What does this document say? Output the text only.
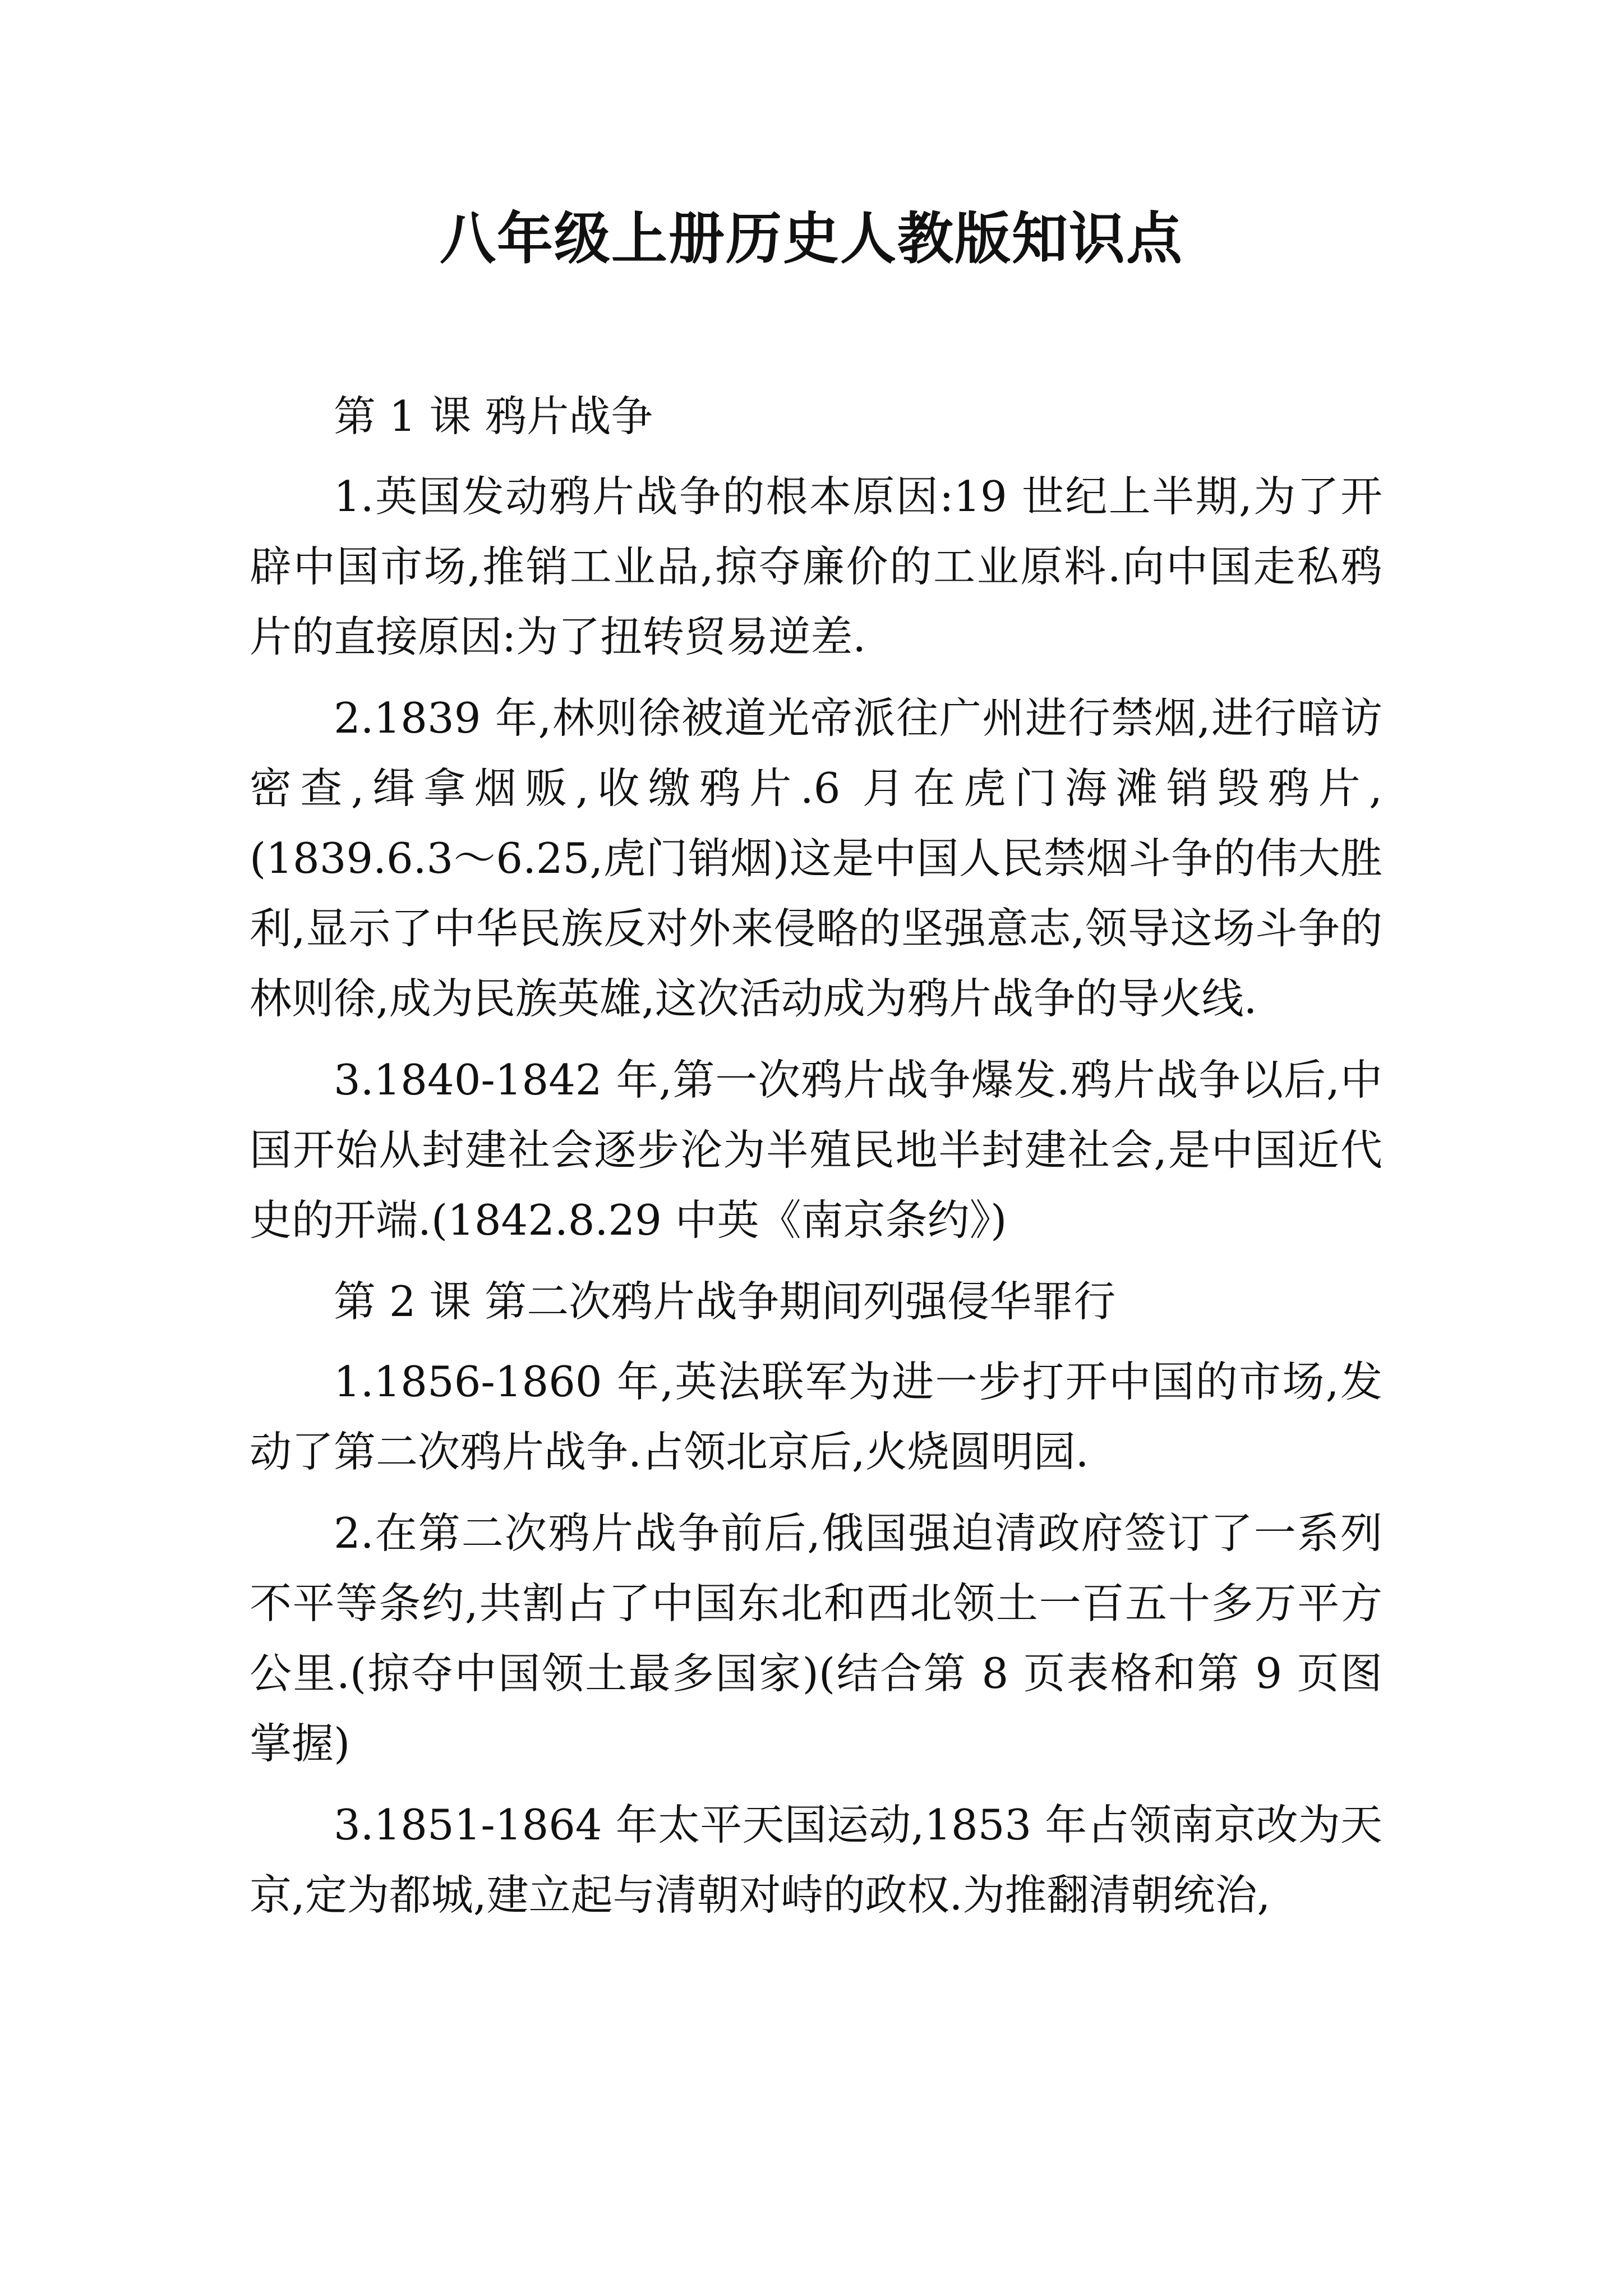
八年级上册历史人教版知识点

第 1 课 鸦片战争

1.英国发动鸦片战争的根本原因:19 世纪上半期,为了开辟中国市场,推销工业品,掠夺廉价的工业原料.向中国走私鸦片的直接原因:为了扭转贸易逆差.

2.1839 年,林则徐被道光帝派往广州进行禁烟,进行暗访密查,缉拿烟贩,收缴鸦片.6 月在虎门海滩销毁鸦片,(1839.6.3～6.25,虎门销烟)这是中国人民禁烟斗争的伟大胜利,显示了中华民族反对外来侵略的坚强意志,领导这场斗争的林则徐,成为民族英雄,这次活动成为鸦片战争的导火线.

3.1840-1842 年,第一次鸦片战争爆发.鸦片战争以后,中国开始从封建社会逐步沦为半殖民地半封建社会,是中国近代史的开端.(1842.8.29 中英《南京条约》)

第 2 课 第二次鸦片战争期间列强侵华罪行

1.1856-1860 年,英法联军为进一步打开中国的市场,发动了第二次鸦片战争.占领北京后,火烧圆明园.

2.在第二次鸦片战争前后,俄国强迫清政府签订了一系列不平等条约,共割占了中国东北和西北领土一百五十多万平方公里.(掠夺中国领土最多国家)(结合第 8 页表格和第 9 页图掌握)

3.1851-1864 年太平天国运动,1853 年占领南京改为天京,定为都城,建立起与清朝对峙的政权.为推翻清朝统治,
